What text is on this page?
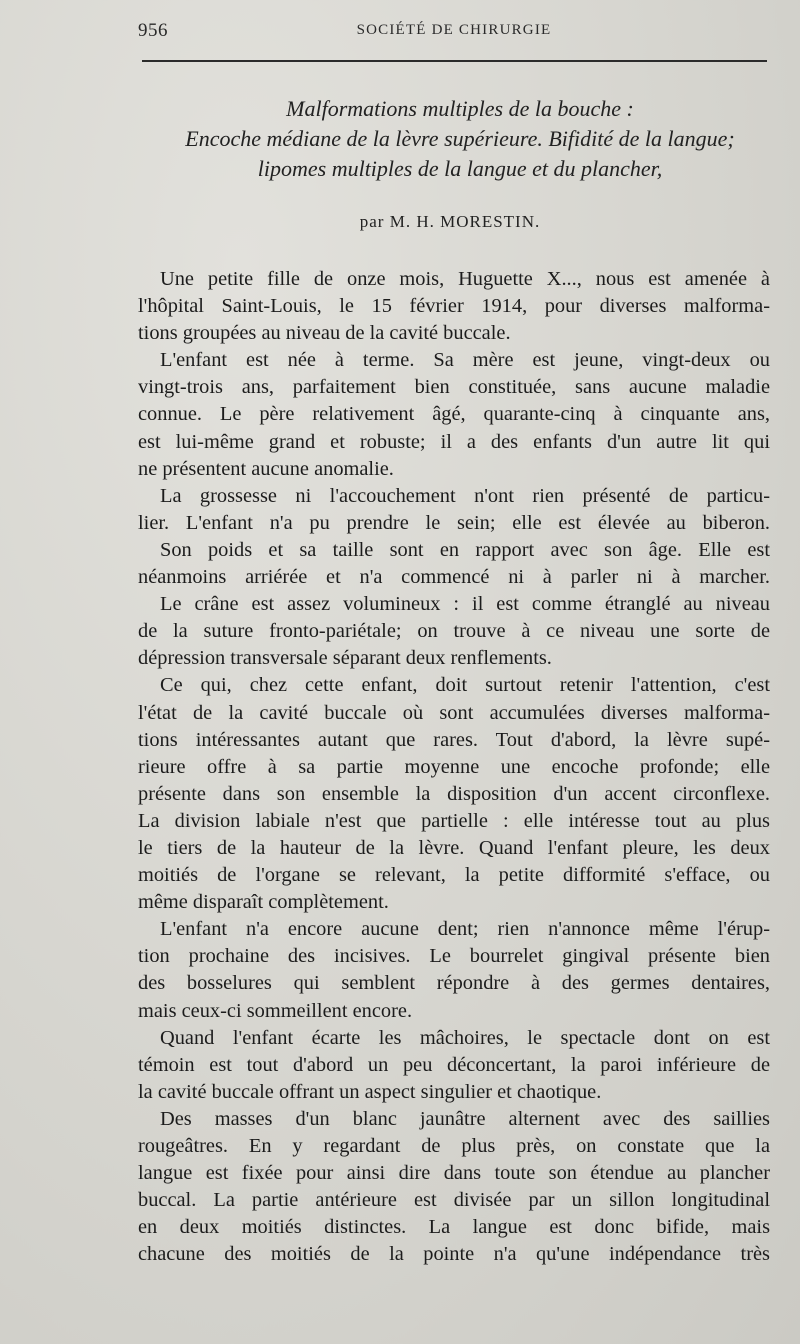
956	SOCIÉTÉ DE CHIRURGIE
Malformations multiples de la bouche :
Encoche médiane de la lèvre supérieure. Bifidité de la langue;
lipomes multiples de la langue et du plancher,
par M. H. MORESTIN.
Une petite fille de onze mois, Huguette X..., nous est amenée à
l'hôpital Saint-Louis, le 15 février 1914, pour diverses malforma-
tions groupées au niveau de la cavité buccale.
L'enfant est née à terme. Sa mère est jeune, vingt-deux ou
vingt-trois ans, parfaitement bien constituée, sans aucune maladie
connue. Le père relativement âgé, quarante-cinq à cinquante ans,
est lui-même grand et robuste; il a des enfants d'un autre lit qui
ne présentent aucune anomalie.
La grossesse ni l'accouchement n'ont rien présenté de particu-
lier. L'enfant n'a pu prendre le sein; elle est élevée au biberon.
Son poids et sa taille sont en rapport avec son âge. Elle est
néanmoins arriérée et n'a commencé ni à parler ni à marcher.
Le crâne est assez volumineux : il est comme étranglé au niveau
de la suture fronto-pariétale; on trouve à ce niveau une sorte de
dépression transversale séparant deux renflements.
Ce qui, chez cette enfant, doit surtout retenir l'attention, c'est
l'état de la cavité buccale où sont accumulées diverses malforma-
tions intéressantes autant que rares. Tout d'abord, la lèvre supé-
rieure offre à sa partie moyenne une encoche profonde; elle
présente dans son ensemble la disposition d'un accent circonflexe.
La division labiale n'est que partielle : elle intéresse tout au plus
le tiers de la hauteur de la lèvre. Quand l'enfant pleure, les deux
moitiés de l'organe se relevant, la petite difformité s'efface, ou
même disparaît complètement.
L'enfant n'a encore aucune dent; rien n'annonce même l'érup-
tion prochaine des incisives. Le bourrelet gingival présente bien
des bosselures qui semblent répondre à des germes dentaires,
mais ceux-ci sommeillent encore.
Quand l'enfant écarte les mâchoires, le spectacle dont on est
témoin est tout d'abord un peu déconcertant, la paroi inférieure de
la cavité buccale offrant un aspect singulier et chaotique.
Des masses d'un blanc jaunâtre alternent avec des saillies
rougeâtres. En y regardant de plus près, on constate que la
langue est fixée pour ainsi dire dans toute son étendue au plancher
buccal. La partie antérieure est divisée par un sillon longitudinal
en deux moitiés distinctes. La langue est donc bifide, mais
chacune des moitiés de la pointe n'a qu'une indépendance très
